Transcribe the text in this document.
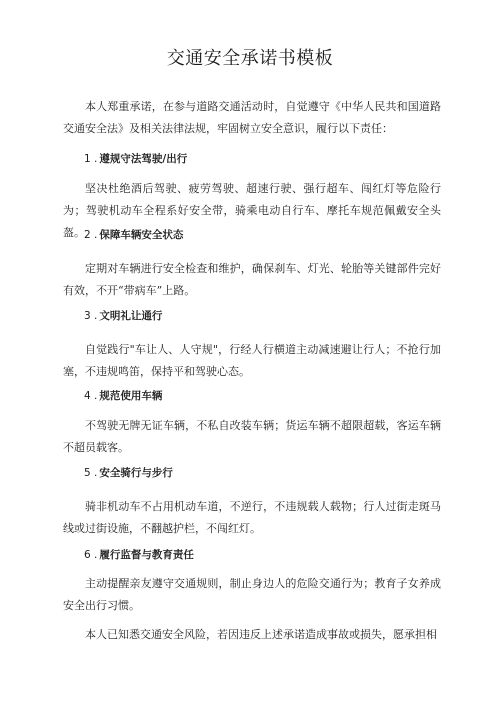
交通安全承诺书模板

本人郑重承诺，在参与道路交通活动时，自觉遵守《中华人民共和国道路交通安全法》及相关法律法规，牢固树立安全意识，履行以下责任：

1 . 遵规守法驾驶/出行

坚决杜绝酒后驾驶、疲劳驾驶、超速行驶、强行超车、闯红灯等危险行为；驾驶机动车全程系好安全带，骑乘电动自行车、摩托车规范佩戴安全头盔。 2 . 保障车辆安全状态

定期对车辆进行安全检查和维护，确保刹车、灯光、轮胎等关键部件完好有效，不开“带病车”上路。

3 . 文明礼让通行

自觉践行"车让人、人守规"，行经人行横道主动减速避让行人；不抢行加塞，不违规鸣笛，保持平和驾驶心态。

4 . 规范使用车辆

不驾驶无牌无证车辆，不私自改装车辆；货运车辆不超限超载，客运车辆不超员载客。

5 . 安全骑行与步行

骑非机动车不占用机动车道，不逆行，不违规载人载物；行人过街走斑马线或过街设施，不翻越护栏，不闯红灯。

6 . 履行监督与教育责任

主动提醒亲友遵守交通规则，制止身边人的危险交通行为；教育子女养成安全出行习惯。

本人已知悉交通安全风险，若因违反上述承诺造成事故或损失，愿承担相
